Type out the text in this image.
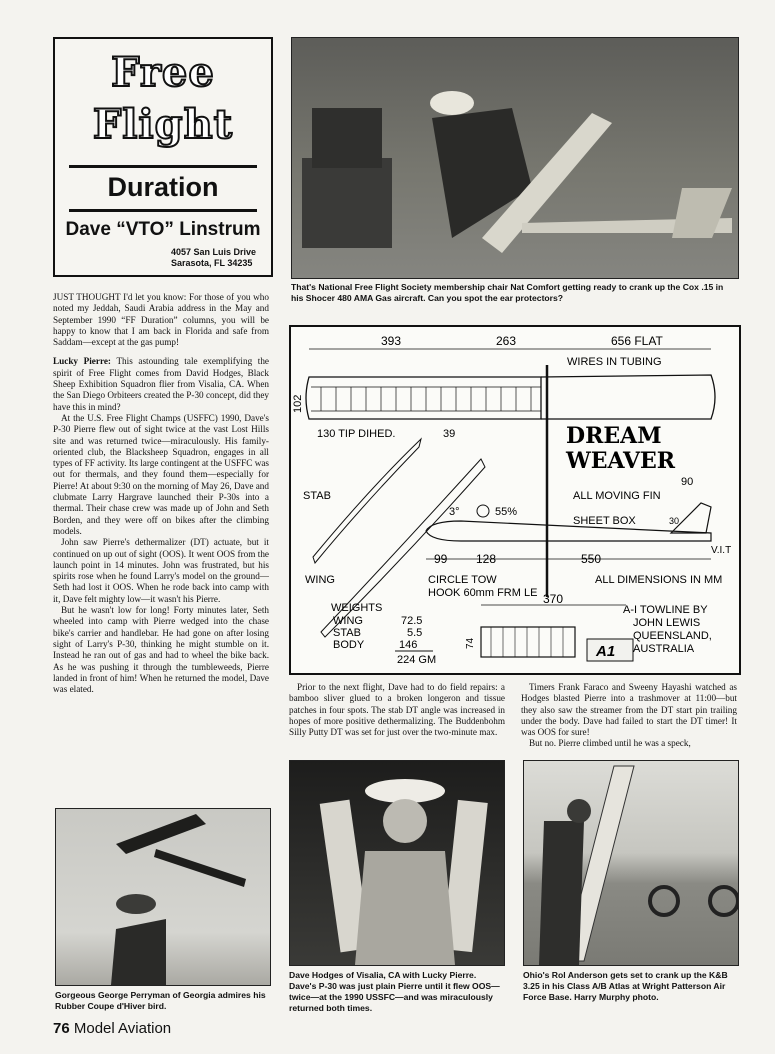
Free
Flight
Duration
Dave “VTO” Linstrum
4057 San Luis Drive
Sarasota, FL 34235
That's National Free Flight Society membership chair Nat Comfort getting ready to crank up the Cox .15 in his Shocer 480 AMA Gas aircraft. Can you spot the ear protectors?

JUST THOUGHT I'd let you know: For those of you who noted my Jeddah, Saudi Arabia address in the May and September 1990 “FF Duration” columns, you will be happy to know that I am back in Florida and safe from Saddam—except at the gas pump!

Lucky Pierre: This astounding tale exemplifying the spirit of Free Flight comes from David Hodges, Black Sheep Exhibition Squadron flier from Visalia, CA. When the San Diego Orbiteers created the P-30 concept, did they have this in mind?

At the U.S. Free Flight Champs (USFFC) 1990, Dave's P-30 Pierre flew out of sight twice at the vast Lost Hills site and was returned twice—miraculously. His family-oriented club, the Blacksheep Squadron, engages in all types of FF activity. Its large contingent at the USFFC was out for thermals, and they found them—especially for Pierre! At about 9:30 on the morning of May 26, Dave and clubmate Larry Hargrave launched their P-30s into a thermal. Their chase crew was made up of John and Seth Borden, and they were off on bikes after the climbing models.

John saw Pierre's dethermalizer (DT) actuate, but it continued on up out of sight (OOS). It went OOS from the launch point in 14 minutes. John was frustrated, but his spirits rose when he found Larry's model on the ground—Seth had lost it OOS. When he rode back into camp with it, Dave felt mighty low—it wasn't his Pierre.

But he wasn't low for long! Forty minutes later, Seth wheeled into camp with Pierre wedged into the chase bike's carrier and handlebar. He had gone on after losing sight of Larry's P-30, thinking he might stumble on it. Instead he ran out of gas and had to wheel the bike back. As he was pushing it through the tumbleweeds, Pierre landed in front of him! When he returned the model, Dave was elated.

393	263	656 FLAT
WIRES IN TUBING
102
130 TIP DIHED.	39	DREAM
WEAVER
STAB
WING
3°	55%
ALL MOVING FIN
90
SHEET BOX	30
V.I.T
99 128	550
CIRCLE TOW
HOOK 60mm FRM LE
ALL DIMENSIONS IN MM
WEIGHTS
WING	72.5
STAB	5.5
BODY	146
224 GM
370
74	A1
A-I TOWLINE BY
JOHN LEWIS
QUEENSLAND,
AUSTRALIA

Prior to the next flight, Dave had to do field repairs: a bamboo sliver glued to a broken longeron and tissue patches in four spots. The stab DT angle was increased in hopes of more positive dethermalizing. The Buddenbohm Silly Putty DT was set for just over the two-minute max.

Timers Frank Faraco and Sweeny Hayashi watched as Hodges blasted Pierre into a trashmover at 11:00—but they also saw the streamer from the DT start pin trailing under the body. Dave had failed to start the DT timer! It was OOS for sure!

But no. Pierre climbed until he was a speck,

Gorgeous George Perryman of Georgia admires his Rubber Coupe d'Hiver bird.
Dave Hodges of Visalia, CA with Lucky Pierre. Dave's P-30 was just plain Pierre until it flew OOS—twice—at the 1990 USSFC—and was miraculously returned both times.
Ohio's Rol Anderson gets set to crank up the K&B 3.25 in his Class A/B Atlas at Wright Patterson Air Force Base. Harry Murphy photo.
76 Model Aviation
